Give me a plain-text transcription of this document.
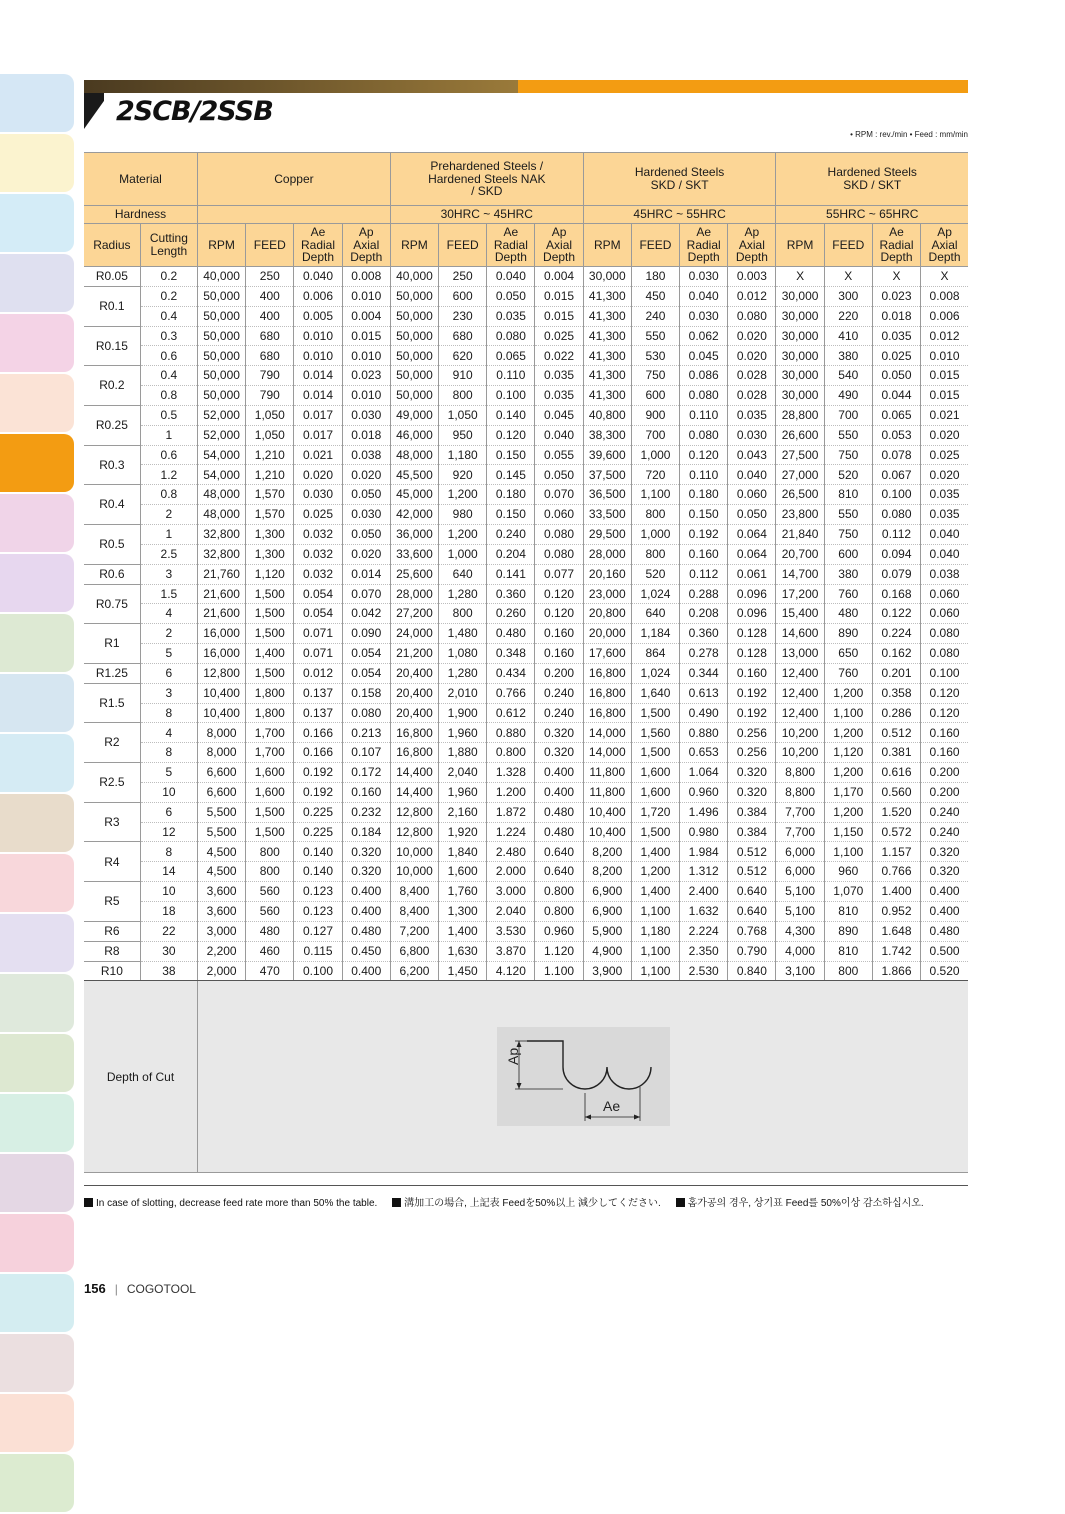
2SCB/2SSB
• RPM : rev./min • Feed : mm/min
Material		Copper				Prehardened Steels / Hardened Steels NAK / SKD				Hardened Steels SKD / SKT				Hardened Steels SKD / SKT			

Hardness						30HRC ~ 45HRC				45HRC ~ 55HRC				55HRC ~ 65HRC			
Radius	Cutting Length	RPM	FEED	Ae Radial Depth	Ap Axial Depth	RPM	FEED	Ae Radial Depth	Ap Axial Depth	RPM	FEED	Ae Radial Depth	Ap Axial Depth	RPM	FEED	Ae Radial Depth	Ap Axial Depth

R0.05	0.2	40,000	250	0.040	0.008	40,000	250	0.040	0.004	30,000	180	0.030	0.003	X	X	X	X
R0.1	0.2	50,000	400	0.006	0.010	50,000	600	0.050	0.015	41,300	450	0.040	0.012	30,000	300	0.023	0.008
	0.4	50,000	400	0.005	0.004	50,000	230	0.035	0.015	41,300	240	0.030	0.080	30,000	220	0.018	0.006
R0.15	0.3	50,000	680	0.010	0.015	50,000	680	0.080	0.025	41,300	550	0.062	0.020	30,000	410	0.035	0.012
	0.6	50,000	680	0.010	0.010	50,000	620	0.065	0.022	41,300	530	0.045	0.020	30,000	380	0.025	0.010
R0.2	0.4	50,000	790	0.014	0.023	50,000	910	0.110	0.035	41,300	750	0.086	0.028	30,000	540	0.050	0.015
	0.8	50,000	790	0.014	0.010	50,000	800	0.100	0.035	41,300	600	0.080	0.028	30,000	490	0.044	0.015
R0.25	0.5	52,000	1,050	0.017	0.030	49,000	1,050	0.140	0.045	40,800	900	0.110	0.035	28,800	700	0.065	0.021
	1	52,000	1,050	0.017	0.018	46,000	950	0.120	0.040	38,300	700	0.080	0.030	26,600	550	0.053	0.020
R0.3	0.6	54,000	1,210	0.021	0.038	48,000	1,180	0.150	0.055	39,600	1,000	0.120	0.043	27,500	750	0.078	0.025
	1.2	54,000	1,210	0.020	0.020	45,500	920	0.145	0.050	37,500	720	0.110	0.040	27,000	520	0.067	0.020
R0.4	0.8	48,000	1,570	0.030	0.050	45,000	1,200	0.180	0.070	36,500	1,100	0.180	0.060	26,500	810	0.100	0.035
	2	48,000	1,570	0.025	0.030	42,000	980	0.150	0.060	33,500	800	0.150	0.050	23,800	550	0.080	0.035
R0.5	1	32,800	1,300	0.032	0.050	36,000	1,200	0.240	0.080	29,500	1,000	0.192	0.064	21,840	750	0.112	0.040
	2.5	32,800	1,300	0.032	0.020	33,600	1,000	0.204	0.080	28,000	800	0.160	0.064	20,700	600	0.094	0.040
R0.6	3	21,760	1,120	0.032	0.014	25,600	640	0.141	0.077	20,160	520	0.112	0.061	14,700	380	0.079	0.038
R0.75	1.5	21,600	1,500	0.054	0.070	28,000	1,280	0.360	0.120	23,000	1,024	0.288	0.096	17,200	760	0.168	0.060
	4	21,600	1,500	0.054	0.042	27,200	800	0.260	0.120	20,800	640	0.208	0.096	15,400	480	0.122	0.060
R1	2	16,000	1,500	0.071	0.090	24,000	1,480	0.480	0.160	20,000	1,184	0.360	0.128	14,600	890	0.224	0.080
	5	16,000	1,400	0.071	0.054	21,200	1,080	0.348	0.160	17,600	864	0.278	0.128	13,000	650	0.162	0.080
R1.25	6	12,800	1,500	0.012	0.054	20,400	1,280	0.434	0.200	16,800	1,024	0.344	0.160	12,400	760	0.201	0.100
R1.5	3	10,400	1,800	0.137	0.158	20,400	2,010	0.766	0.240	16,800	1,640	0.613	0.192	12,400	1,200	0.358	0.120
	8	10,400	1,800	0.137	0.080	20,400	1,900	0.612	0.240	16,800	1,500	0.490	0.192	12,400	1,100	0.286	0.120
R2	4	8,000	1,700	0.166	0.213	16,800	1,960	0.880	0.320	14,000	1,560	0.880	0.256	10,200	1,200	0.512	0.160
	8	8,000	1,700	0.166	0.107	16,800	1,880	0.800	0.320	14,000	1,500	0.653	0.256	10,200	1,120	0.381	0.160
R2.5	5	6,600	1,600	0.192	0.172	14,400	2,040	1.328	0.400	11,800	1,600	1.064	0.320	8,800	1,200	0.616	0.200
	10	6,600	1,600	0.192	0.160	14,400	1,960	1.200	0.400	11,800	1,600	0.960	0.320	8,800	1,170	0.560	0.200
R3	6	5,500	1,500	0.225	0.232	12,800	2,160	1.872	0.480	10,400	1,720	1.496	0.384	7,700	1,200	1.520	0.240
	12	5,500	1,500	0.225	0.184	12,800	1,920	1.224	0.480	10,400	1,500	0.980	0.384	7,700	1,150	0.572	0.240
R4	8	4,500	800	0.140	0.320	10,000	1,840	2.480	0.640	8,200	1,400	1.984	0.512	6,000	1,100	1.157	0.320
	14	4,500	800	0.140	0.320	10,000	1,600	2.000	0.640	8,200	1,200	1.312	0.512	6,000	960	0.766	0.320
R5	10	3,600	560	0.123	0.400	8,400	1,760	3.000	0.800	6,900	1,400	2.400	0.640	5,100	1,070	1.400	0.400
	18	3,600	560	0.123	0.400	8,400	1,300	2.040	0.800	6,900	1,100	1.632	0.640	5,100	810	0.952	0.400
R6	22	3,000	480	0.127	0.480	7,200	1,400	3.530	0.960	5,900	1,180	2.224	0.768	4,300	890	1.648	0.480
R8	30	2,200	460	0.115	0.450	6,800	1,630	3.870	1.120	4,900	1,100	2.350	0.790	4,000	810	1.742	0.500
R10	38	2,000	470	0.100	0.400	6,200	1,450	4.120	1.100	3,900	1,100	2.530	0.840	3,100	800	1.866	0.520
Depth of Cut		Ap
Ae															
In case of slotting, decrease feed rate more than 50% the table.	溝加工の場合, 上記表 Feedを50%以上 減少してください.	홈가공의 경우, 상기표 Feed를 50%이상 감소하십시오.
156 | COGOTOOL
